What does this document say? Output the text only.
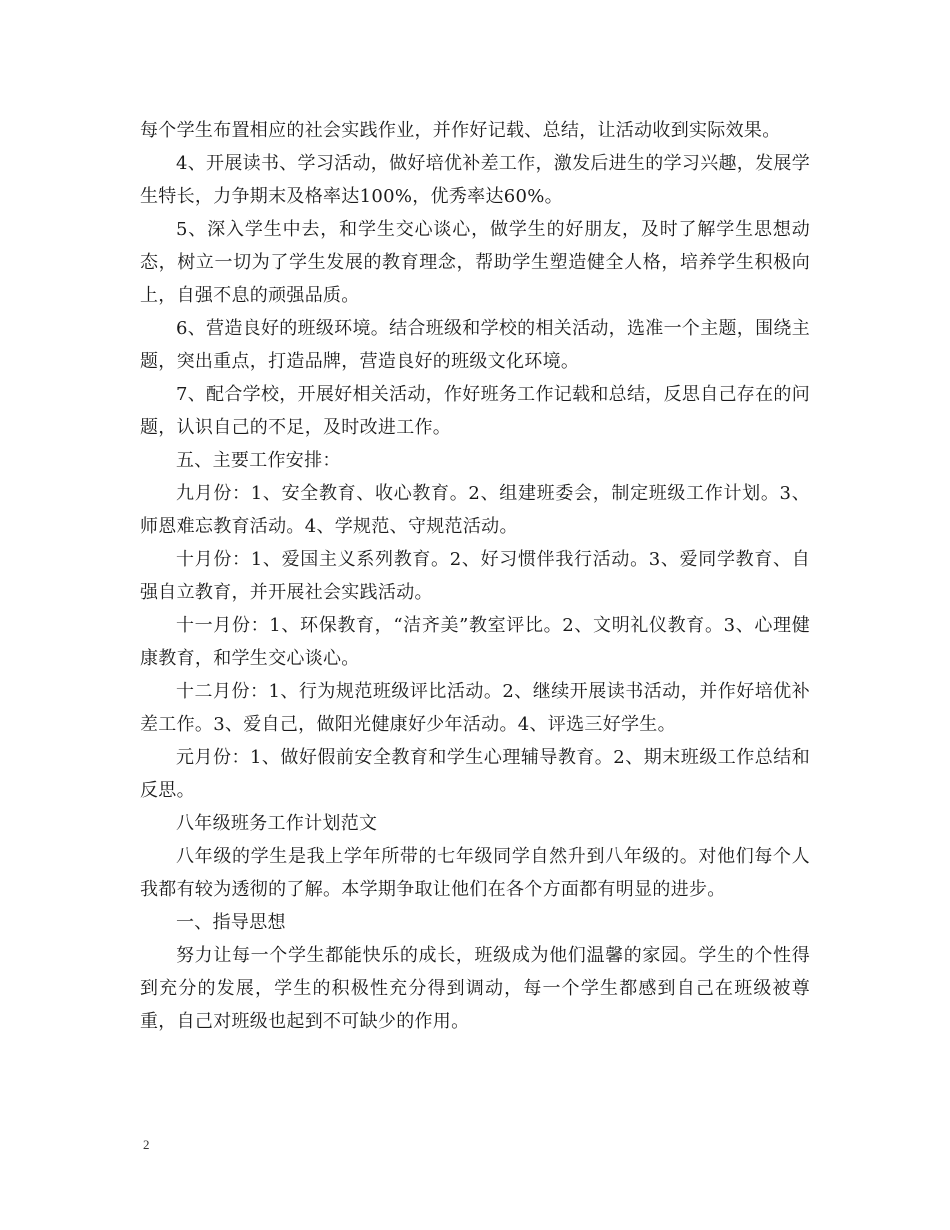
每个学生布置相应的社会实践作业，并作好记载、总结，让活动收到实际效果。

4、开展读书、学习活动，做好培优补差工作，激发后进生的学习兴趣，发展学生特长，力争期末及格率达100%，优秀率达60%。

5、深入学生中去，和学生交心谈心，做学生的好朋友，及时了解学生思想动态，树立一切为了学生发展的教育理念，帮助学生塑造健全人格，培养学生积极向上，自强不息的顽强品质。

6、营造良好的班级环境。结合班级和学校的相关活动，选准一个主题，围绕主题，突出重点，打造品牌，营造良好的班级文化环境。

7、配合学校，开展好相关活动，作好班务工作记载和总结，反思自己存在的问题，认识自己的不足，及时改进工作。

五、主要工作安排：

九月份：1、安全教育、收心教育。2、组建班委会，制定班级工作计划。3、师恩难忘教育活动。4、学规范、守规范活动。

十月份：1、爱国主义系列教育。2、好习惯伴我行活动。3、爱同学教育、自强自立教育，并开展社会实践活动。

十一月份：1、环保教育，“洁齐美”教室评比。2、文明礼仪教育。3、心理健康教育，和学生交心谈心。

十二月份：1、行为规范班级评比活动。2、继续开展读书活动，并作好培优补差工作。3、爱自己，做阳光健康好少年活动。4、评选三好学生。

元月份：1、做好假前安全教育和学生心理辅导教育。2、期末班级工作总结和反思。

八年级班务工作计划范文

八年级的学生是我上学年所带的七年级同学自然升到八年级的。对他们每个人我都有较为透彻的了解。本学期争取让他们在各个方面都有明显的进步。

一、指导思想

努力让每一个学生都能快乐的成长，班级成为他们温馨的家园。学生的个性得到充分的发展，学生的积极性充分得到调动，每一个学生都感到自己在班级被尊重，自己对班级也起到不可缺少的作用。

2
